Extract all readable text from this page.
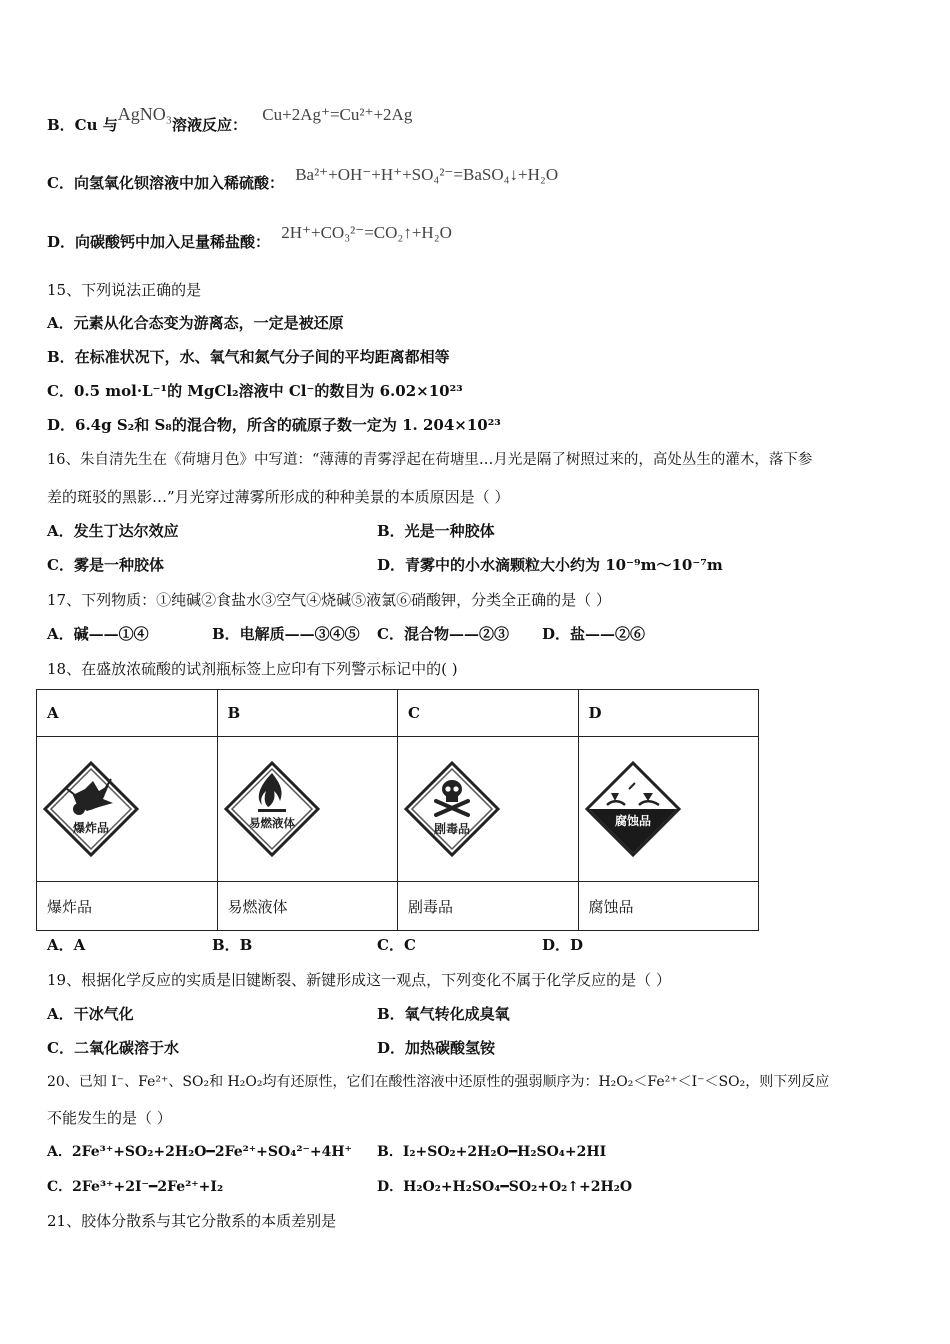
B．Cu 与AgNO₃溶液反应： Cu+2Ag⁺=Cu²⁺+2Ag
C．向氢氧化钡溶液中加入稀硫酸： Ba²⁺+OH⁻+H⁺+SO₄²⁻=BaSO₄↓+H₂O
D．向碳酸钙中加入足量稀盐酸： 2H⁺+CO₃²⁻=CO₂↑+H₂O
15、下列说法正确的是
A．元素从化合态变为游离态，一定是被还原
B．在标准状况下，水、氧气和氮气分子间的平均距离都相等
C．0.5 mol·L⁻¹的 MgCl₂溶液中 Cl⁻的数目为 6.02×10²³
D．6.4g S₂和 S₈的混合物，所含的硫原子数一定为 1. 204×10²³
16、朱自清先生在《荷塘月色》中写道：“薄薄的青雾浮起在荷塘里…月光是隔了树照过来的，高处丛生的灌木，落下参
差的斑驳的黑影…”月光穿过薄雾所形成的种种美景的本质原因是（ ）
A．发生丁达尔效应	B．光是一种胶体
C．雾是一种胶体	D．青雾中的小水滴颗粒大小约为 10⁻⁹m～10⁻⁷m
17、下列物质：①纯碱②食盐水③空气④烧碱⑤液氯⑥硝酸钾，分类全正确的是（ ）
A．碱——①④	B．电解质——③④⑤ C．混合物——②③ D．盐——②⑥
18、在盛放浓硫酸的试剂瓶标签上应印有下列警示标记中的( )
A	B	C	D

爆炸品	易燃液体	剧毒品	腐蚀品

爆炸品	易燃液体	剧毒品	腐蚀品
A．A	B．B	C．C	D．D
19、根据化学反应的实质是旧键断裂、新键形成这一观点，下列变化不属于化学反应的是（ ）
A．干冰气化	B．氧气转化成臭氧
C．二氧化碳溶于水	D．加热碳酸氢铵
20、已知 I⁻、Fe²⁺、SO₂和 H₂O₂均有还原性，它们在酸性溶液中还原性的强弱顺序为：H₂O₂＜Fe²⁺＜I⁻＜SO₂，则下列反应
不能发生的是（ ）
A．2Fe³⁺+SO₂+2H₂O━2Fe²⁺+SO₄²⁻+4H⁺ B．I₂+SO₂+2H₂O━H₂SO₄+2HI
C．2Fe³⁺+2I⁻━2Fe²⁺+I₂	D．H₂O₂+H₂SO₄━SO₂+O₂↑+2H₂O
21、胶体分散系与其它分散系的本质差别是
